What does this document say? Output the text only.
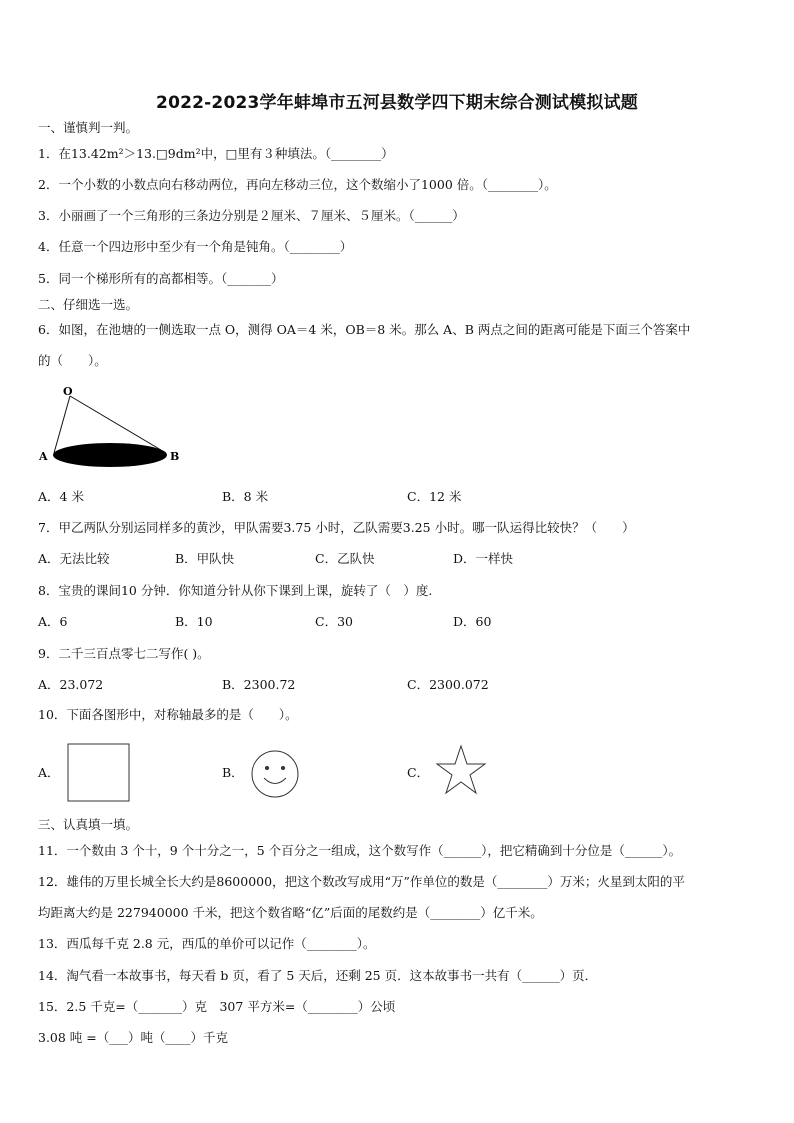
2022-2023学年蚌埠市五河县数学四下期末综合测试模拟试题
一、谨慎判一判。
1．在13.42m²＞13.□9dm²中，□里有３种填法。（________）
2．一个小数的小数点向右移动两位，再向左移动三位，这个数缩小了1000 倍。（________）。
3．小丽画了一个三角形的三条边分别是２厘米、７厘米、５厘米。（______）
4．任意一个四边形中至少有一个角是钝角。（________）
5．同一个梯形所有的高都相等。（_______）
二、仔细选一选。
6．如图，在池塘的一侧选取一点 O，测得 OA＝4 米，OB＝8 米。那么 A、B 两点之间的距离可能是下面三个答案中
的（　　）。
O
A	B
A．4 米	B．8 米	C．12 米
7．甲乙两队分别运同样多的黄沙，甲队需要3.75 小时，乙队需要3.25 小时。哪一队运得比较快？（　　）
A．无法比较	B．甲队快	C．乙队快	D．一样快
8．宝贵的课间10 分钟．你知道分针从你下课到上课，旋转了（　）度.
A．6	B．10	C．30	D．60
9．二千三百点零七二写作( )。
A．23.072	B．2300.72	C．2300.072
10．下面各图形中，对称轴最多的是（　　）。
A．	B．	C．
三、认真填一填。
11．一个数由 3 个十，9 个十分之一，5 个百分之一组成，这个数写作（______），把它精确到十分位是（______）。
12．雄伟的万里长城全长大约是8600000，把这个数改写成用“万”作单位的数是（________）万米；火星到太阳的平
均距离大约是 227940000 千米，把这个数省略“亿”后面的尾数约是（________）亿千米。
13．西瓜每千克 2.8 元，西瓜的单价可以记作（________）。
14．淘气看一本故事书，每天看 b 页，看了 5 天后，还剩 25 页．这本故事书一共有（______）页．
15．2.5 千克=（_______）克　307 平方米=（________）公顷
3.08 吨 =（___）吨（____）千克
